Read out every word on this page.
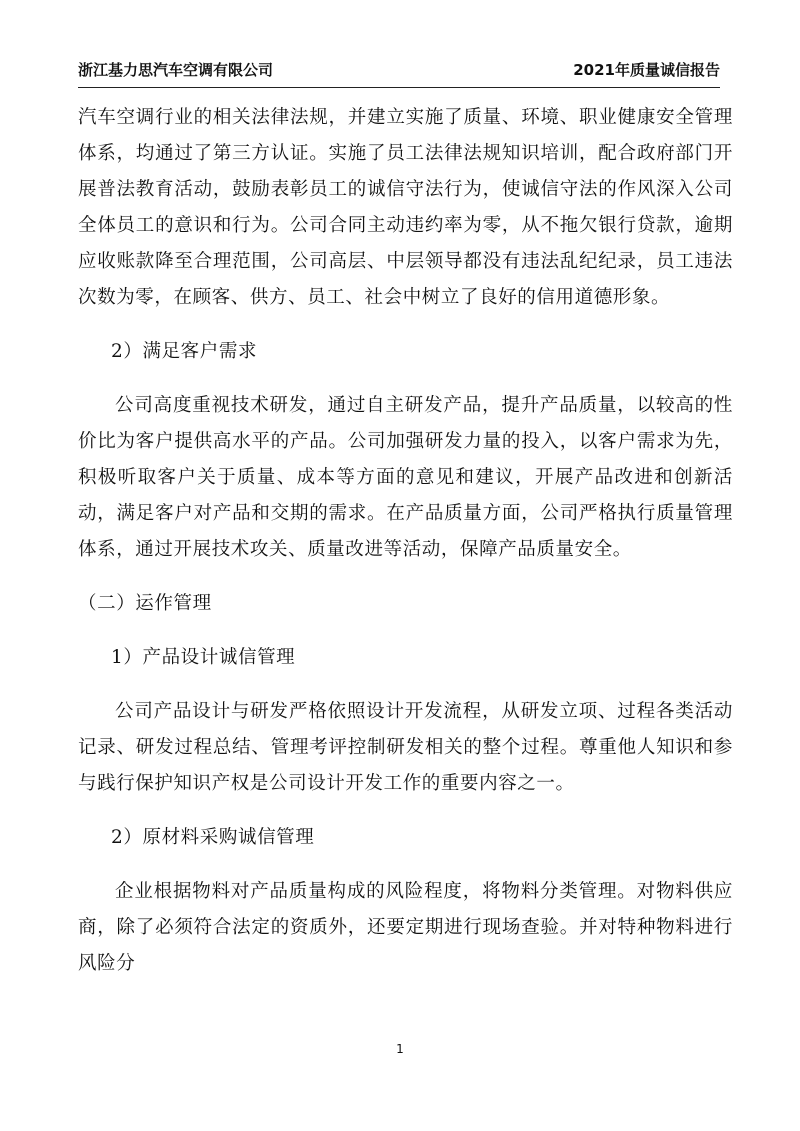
浙江基力思汽车空调有限公司	2021年质量诚信报告

汽车空调行业的相关法律法规，并建立实施了质量、环境、职业健康安全管理体系，均通过了第三方认证。实施了员工法律法规知识培训，配合政府部门开展普法教育活动，鼓励表彰员工的诚信守法行为，使诚信守法的作风深入公司全体员工的意识和行为。公司合同主动违约率为零，从不拖欠银行贷款，逾期应收账款降至合理范围，公司高层、中层领导都没有违法乱纪纪录，员工违法次数为零，在顾客、供方、员工、社会中树立了良好的信用道德形象。

2）满足客户需求

公司高度重视技术研发，通过自主研发产品，提升产品质量，以较高的性价比为客户提供高水平的产品。公司加强研发力量的投入，以客户需求为先，积极听取客户关于质量、成本等方面的意见和建议，开展产品改进和创新活动，满足客户对产品和交期的需求。在产品质量方面，公司严格执行质量管理体系，通过开展技术攻关、质量改进等活动，保障产品质量安全。

（二）运作管理

1）产品设计诚信管理

公司产品设计与研发严格依照设计开发流程，从研发立项、过程各类活动记录、研发过程总结、管理考评控制研发相关的整个过程。尊重他人知识和参与践行保护知识产权是公司设计开发工作的重要内容之一。

2）原材料采购诚信管理

企业根据物料对产品质量构成的风险程度，将物料分类管理。对物料供应商，除了必须符合法定的资质外，还要定期进行现场查验。并对特种物料进行风险分

1
